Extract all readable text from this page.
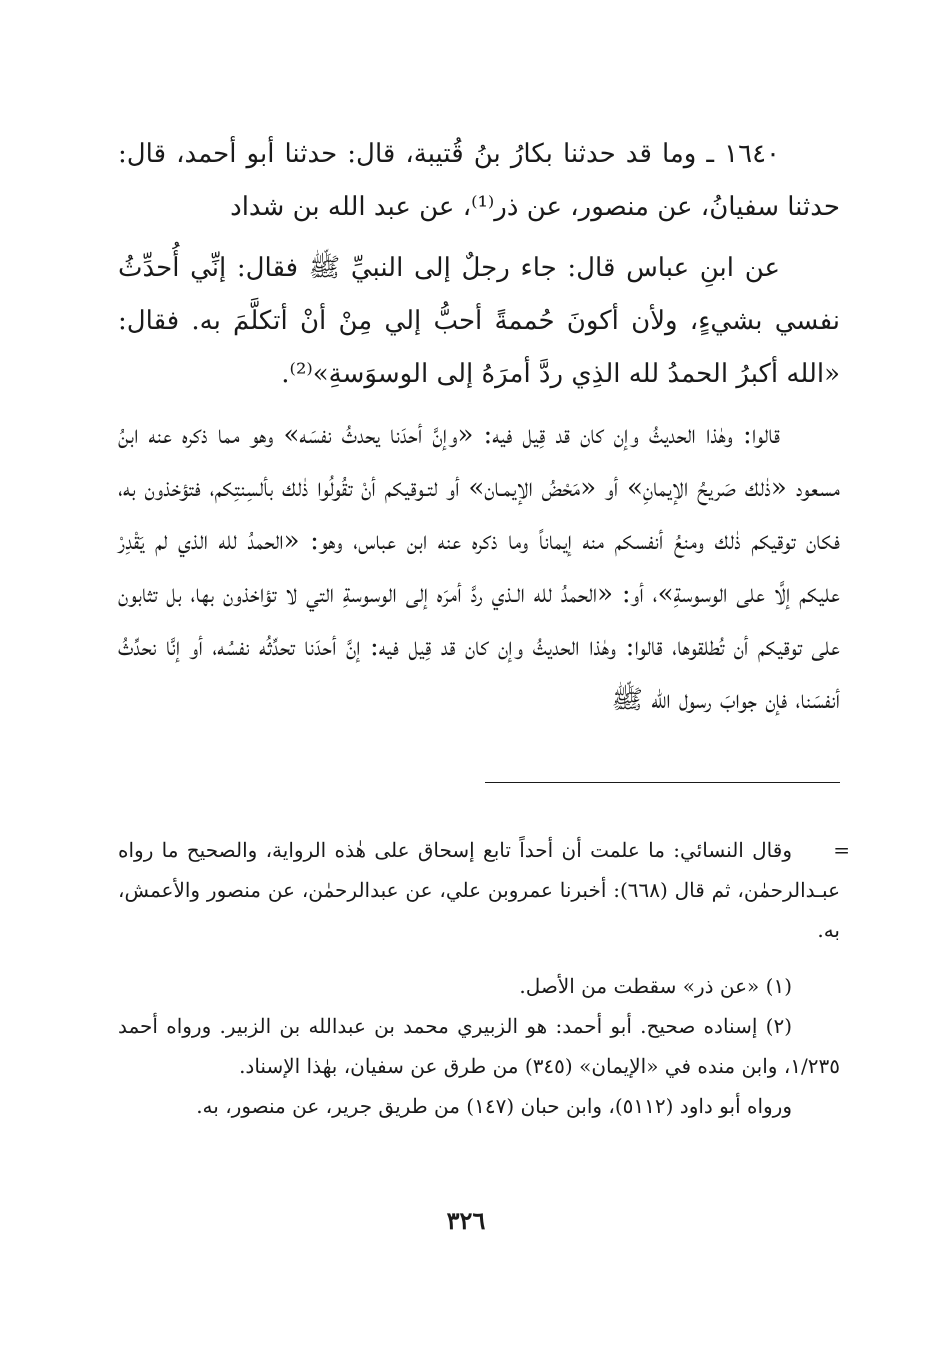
١٦٤٠ ـ وما قد حدثنا بكارُ بنُ قُتيبة، قال: حدثنا أبو أحمد، قال: حدثنا سفيانُ، عن منصور، عن ذر⁽¹⁾، عن عبد الله بن شداد

عن ابنِ عباس قال: جاء رجلٌ إلى النبيِّ ﷺ فقال: إنِّي أُحدِّثُ نفسي بشيءٍ، ولأن أكونَ حُممةً أحبُّ إلي مِنْ أنْ أتكلَّمَ به. فقال: «الله أكبرُ الحمدُ لله الذِي ردَّ أمرَهُ إلى الوسوَسةِ»⁽²⁾.

قالوا: وهٰذا الحديثُ وإن كان قد قِيل فيه: «وإنَّ أحدَنا يحدثُ نفسَه» وهو مما ذكره عنه ابنُ مسعود «ذٰلك صَريحُ الإيمانِ» أو «مَحْضُ الإيمـان» أو لتـوقيكم أنْ تقُولُوا ذٰلك بألسِنتِكم، فتؤخذون به، فكان توقيكم ذٰلك ومنعُ أنفسكم منه إيماناً وما ذكره عنه ابن عباس، وهو: «الحمدُ لله الذي لم يَقْدِرْ عليكم إلَّا على الوسوسةِ»، أو: «الحمدُ لله الـذي ردَّ أمرَه إلى الوسوسةِ التي لا تؤاخذون بها، بل تثابون على توقيكم أن تُطلقوها، قالوا: وهٰذا الحديثُ وإن كان قد قِيل فيه: إنَّ أحدَنا تحدِّثُه نفسُه، أو إنَّا نحدِّثُ أنفسَنا، فإن جوابَ رسول الله ﷺ

=
وقال النسائي: ما علمت أن أحداً تابع إسحاق على هٰذه الرواية، والصحيح ما رواه عبـدالرحمٰن، ثم قال (٦٦٨): أخبرنا عمروبن علي، عن عبدالرحمٰن، عن منصور والأعمش، به.

(١) «عن ذر» سقطت من الأصل.

(٢) إسناده صحيح. أبو أحمد: هو الزبيري محمد بن عبدالله بن الزبير. ورواه أحمد ١/٢٣٥، وابن منده في «الإيمان» (٣٤٥) من طرق عن سفيان، بهٰذا الإسناد.

ورواه أبو داود (٥١١٢)، وابن حبان (١٤٧) من طريق جرير، عن منصور، به.

٣٢٦
